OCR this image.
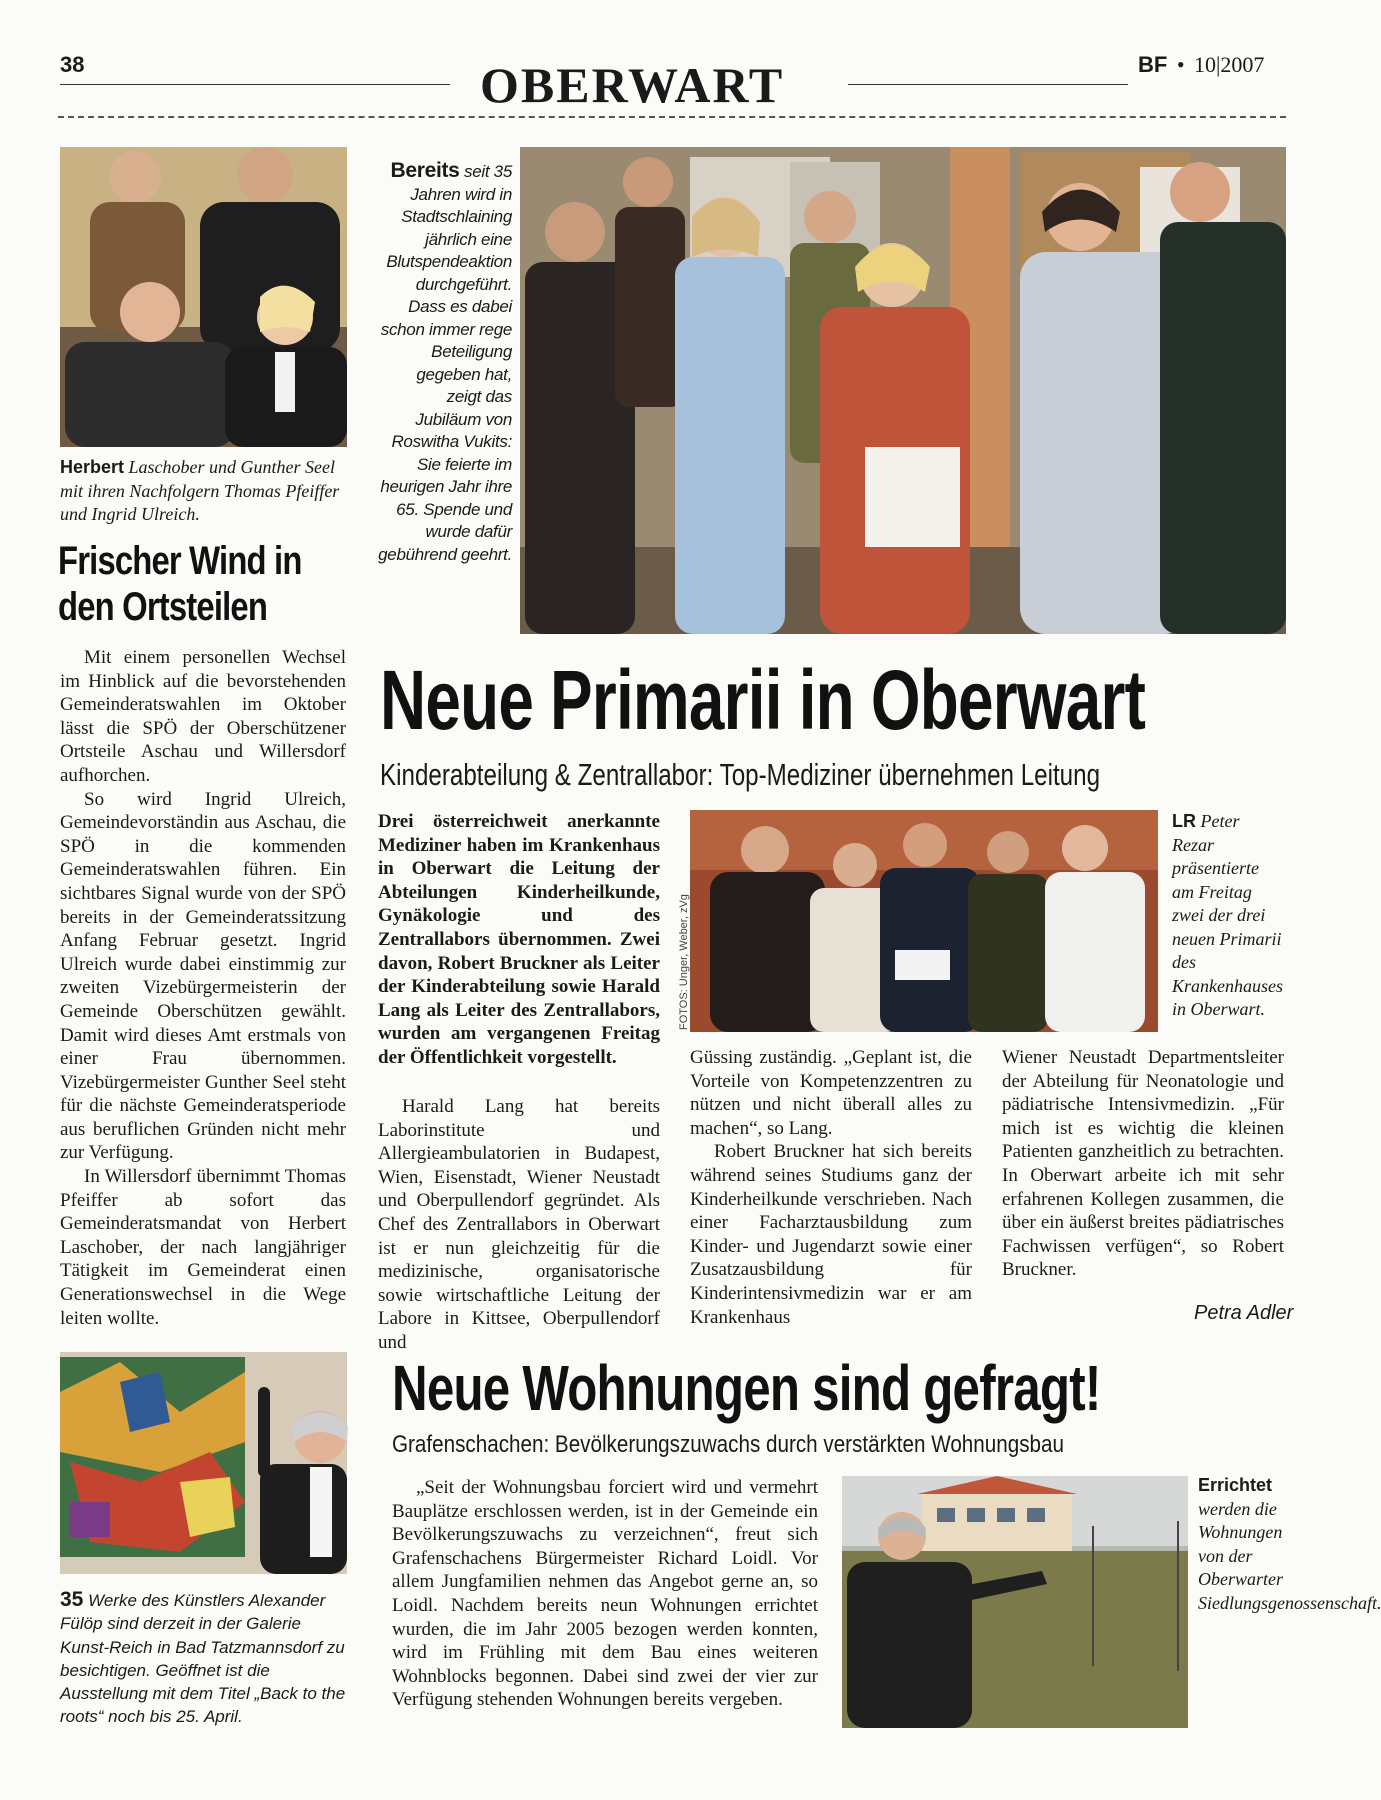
38	OBERWART	BF • 10|2007
Herbert Laschober und Gunther Seel mit ihren Nachfolgern Thomas Pfeiffer und Ingrid Ulreich.
Frischer Wind in den Ortsteilen

Mit einem personellen Wechsel im Hinblick auf die bevorstehenden Gemeinderatswahlen im Oktober lässt die SPÖ der Oberschützener Ortsteile Aschau und Willersdorf aufhorchen.

So wird Ingrid Ulreich, Gemeindevorständin aus Aschau, die SPÖ in die kommenden Gemeinderatswahlen führen. Ein sichtbares Signal wurde von der SPÖ bereits in der Gemeinderatssitzung Anfang Februar gesetzt. Ingrid Ulreich wurde dabei einstimmig zur zweiten Vizebürgermeisterin der Gemeinde Oberschützen gewählt. Damit wird dieses Amt erstmals von einer Frau übernommen. Vizebürgermeister Gunther Seel steht für die nächste Gemeinderatsperiode aus beruflichen Gründen nicht mehr zur Verfügung.

In Willersdorf übernimmt Thomas Pfeiffer ab sofort das Gemeinderatsmandat von Herbert Laschober, der nach langjähriger Tätigkeit im Gemeinderat einen Generationswechsel in die Wege leiten wollte.

Bereits seit 35 Jahren wird in Stadtschlaining jährlich eine Blutspendeaktion durchgeführt. Dass es dabei schon immer rege Beteiligung gegeben hat, zeigt das Jubiläum von Roswitha Vukits: Sie feierte im heurigen Jahr ihre 65. Spende und wurde dafür gebührend geehrt.
Neue Primarii in Oberwart
Kinderabteilung & Zentrallabor: Top-Mediziner übernehmen Leitung
Drei österreichweit anerkannte Mediziner haben im Krankenhaus in Oberwart die Leitung der Abteilungen Kinderheilkunde, Gynäkologie und des Zentrallabors übernommen. Zwei davon, Robert Bruckner als Leiter der Kinderabteilung sowie Harald Lang als Leiter des Zentrallabors, wurden am vergangenen Freitag der Öffentlichkeit vorgestellt.
FOTOS: Unger, Weber, zVg
LR Peter Rezar präsentierte am Freitag zwei der drei neuen Primarii des Krankenhauses in Oberwart.

Harald Lang hat bereits Laborinstitute und Allergieambulatorien in Budapest, Wien, Eisenstadt, Wiener Neustadt und Oberpullendorf gegründet. Als Chef des Zentrallabors in Oberwart ist er nun gleichzeitig für die medizinische, organisatorische sowie wirtschaftliche Leitung der Labore in Kittsee, Oberpullendorf und

Güssing zuständig. „Geplant ist, die Vorteile von Kompetenzzentren zu nützen und nicht überall alles zu machen“, so Lang.

Robert Bruckner hat sich bereits während seines Studiums ganz der Kinderheilkunde verschrieben. Nach einer Facharztausbildung zum Kinder- und Jugendarzt sowie einer Zusatzausbildung für Kinderintensivmedizin war er am Krankenhaus

Wiener Neustadt Departmentsleiter der Abteilung für Neonatologie und pädiatrische Intensivmedizin. „Für mich ist es wichtig die kleinen Patienten ganzheitlich zu betrachten. In Oberwart arbeite ich mit sehr erfahrenen Kollegen zusammen, die über ein äußerst breites pädiatrisches Fachwissen verfügen“, so Robert Bruckner.

Petra Adler
35 Werke des Künstlers Alexander Fülöp sind derzeit in der Galerie Kunst-Reich in Bad Tatzmannsdorf zu besichtigen. Geöffnet ist die Ausstellung mit dem Titel „Back to the roots“ noch bis 25. April.
Neue Wohnungen sind gefragt!
Grafenschachen: Bevölkerungszuwachs durch verstärkten Wohnungsbau

„Seit der Wohnungsbau forciert wird und vermehrt Bauplätze erschlossen werden, ist in der Gemeinde ein Bevölkerungszuwachs zu verzeichnen“, freut sich Grafenschachens Bürgermeister Richard Loidl. Vor allem Jungfamilien nehmen das Angebot gerne an, so Loidl. Nachdem bereits neun Wohnungen errichtet wurden, die im Jahr 2005 bezogen werden konnten, wird im Frühling mit dem Bau eines weiteren Wohnblocks begonnen. Dabei sind zwei der vier zur Verfügung stehenden Wohnungen bereits vergeben.

Errichtet werden die Wohnungen von der Oberwarter Siedlungsgenossenschaft.
